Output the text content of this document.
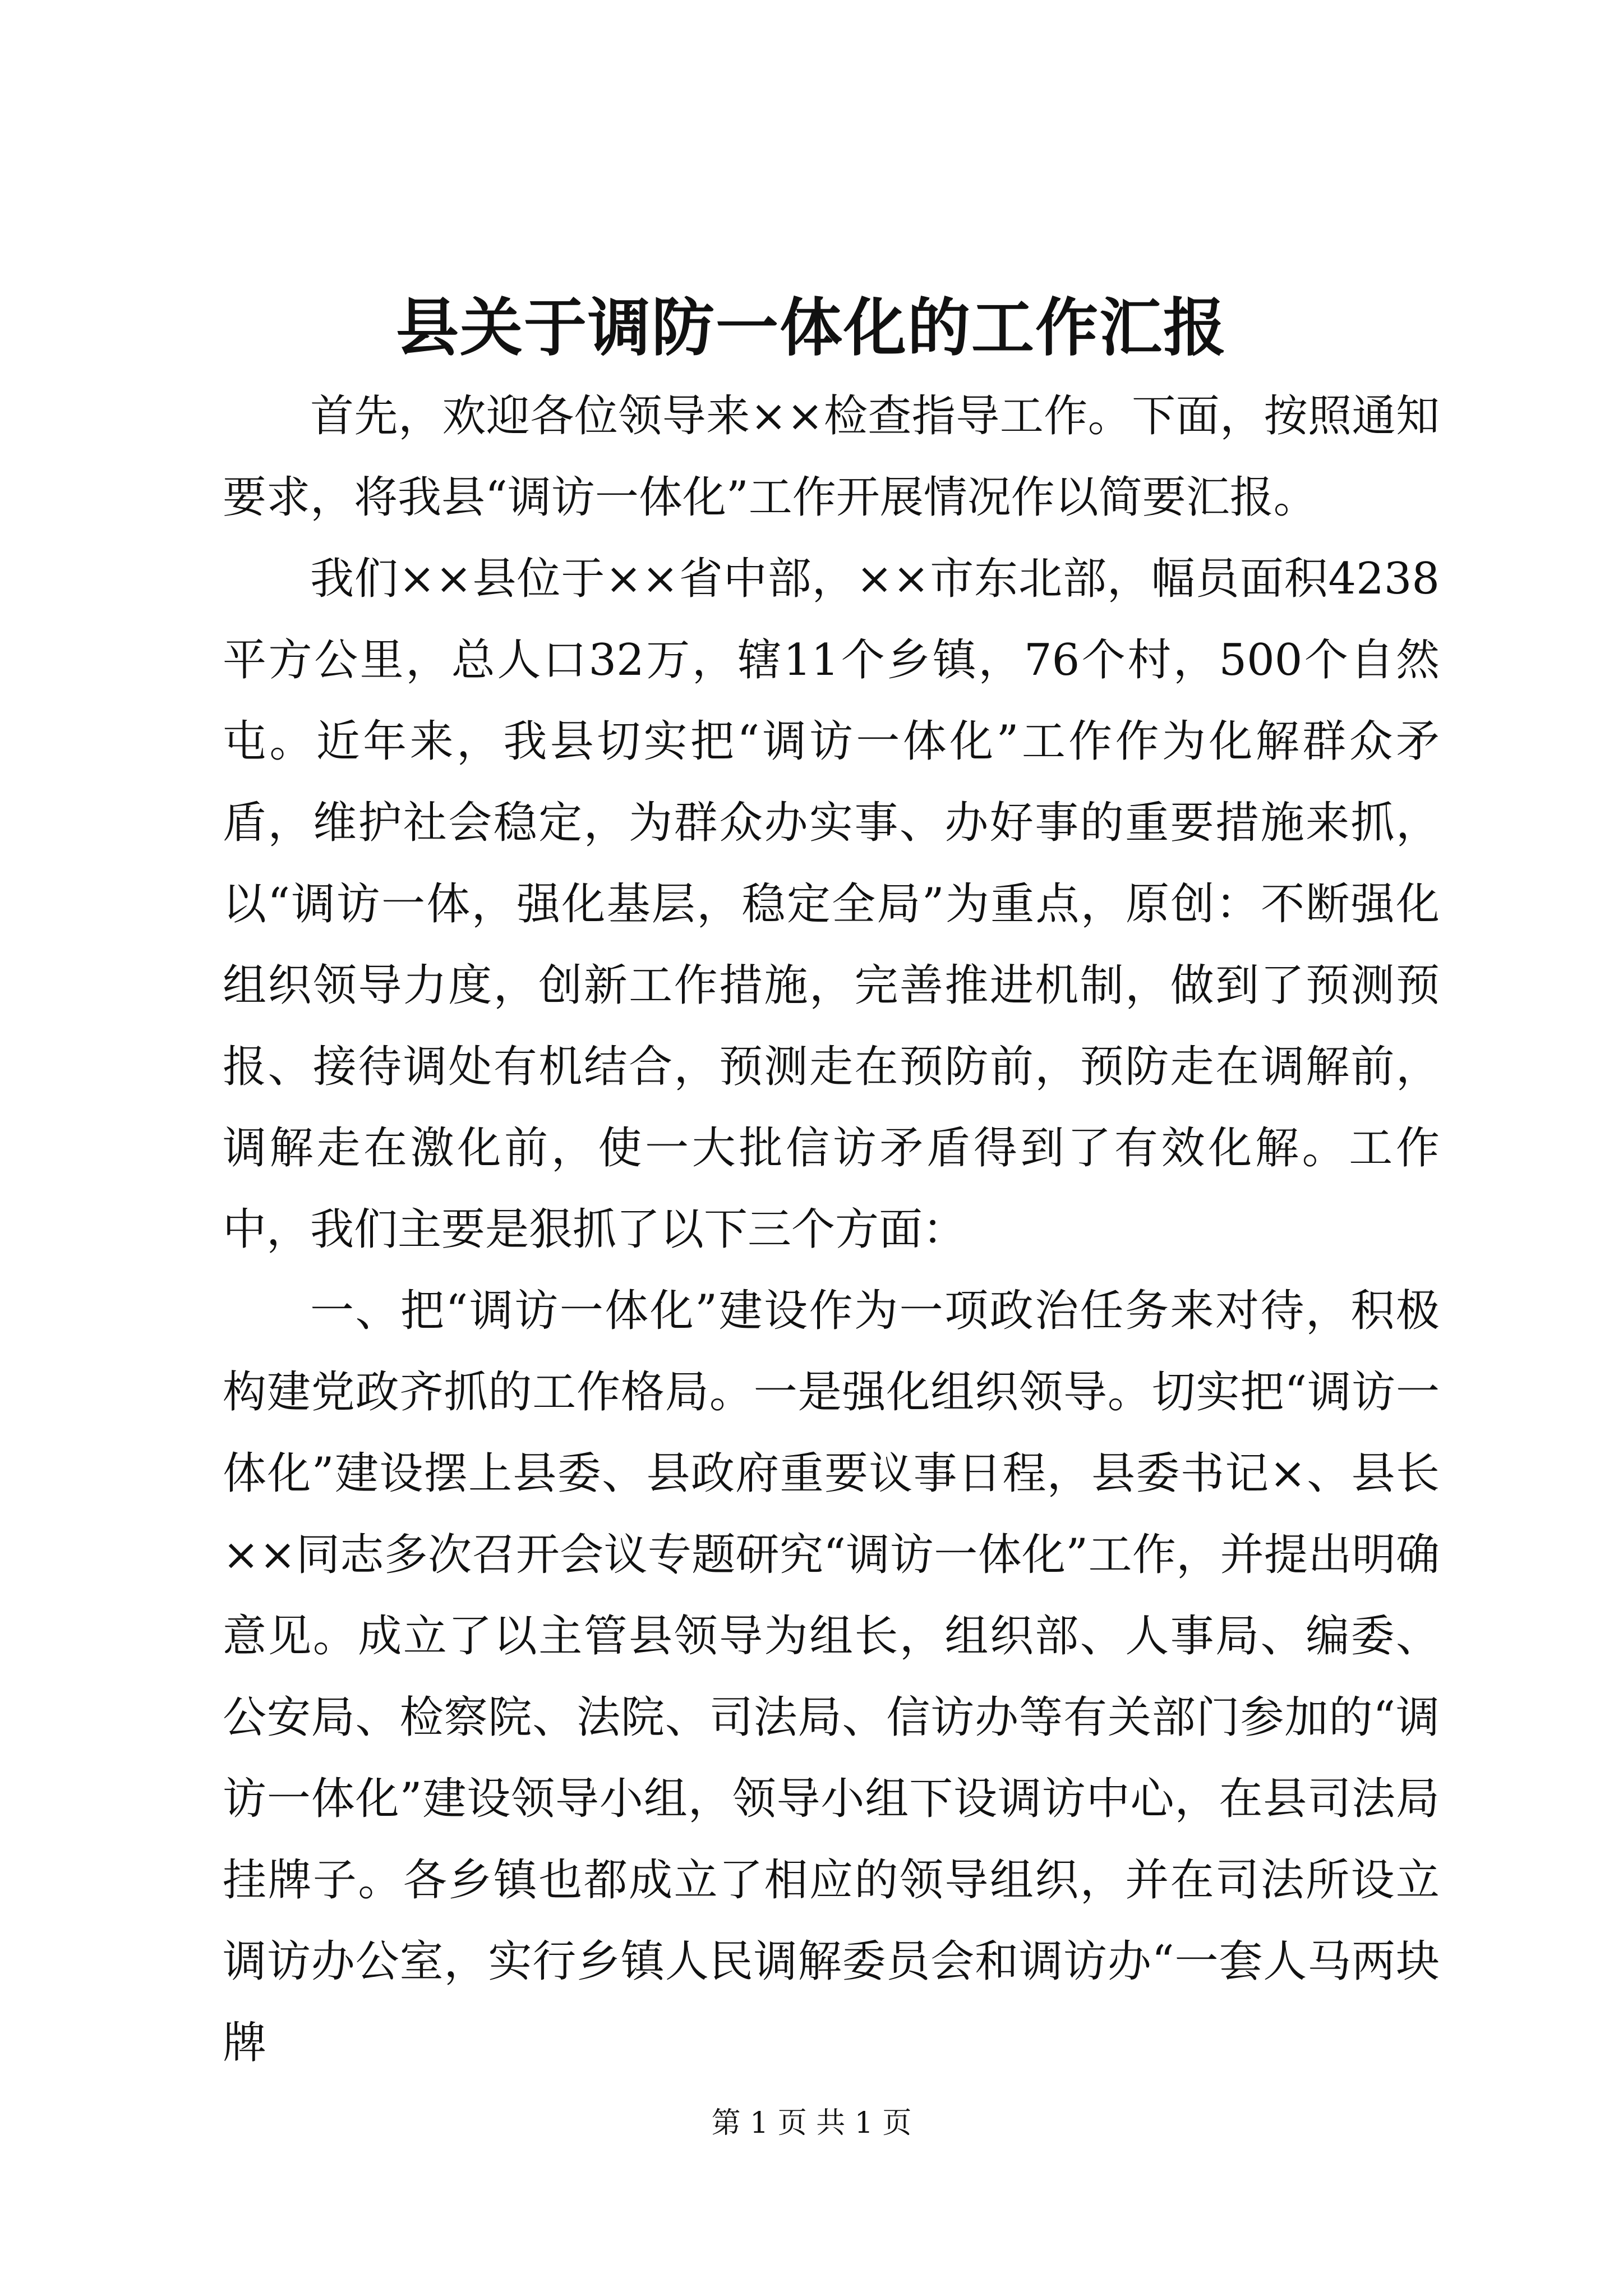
县关于调防一体化的工作汇报

首先，欢迎各位领导来××检查指导工作。下面，按照通知要求，将我县“调访一体化”工作开展情况作以简要汇报。

我们××县位于××省中部，××市东北部，幅员面积4238平方公里，总人口32万，辖11个乡镇，76个村，500个自然屯。近年来，我县切实把“调访一体化”工作作为化解群众矛盾，维护社会稳定，为群众办实事、办好事的重要措施来抓，以“调访一体，强化基层，稳定全局”为重点，原创：不断强化组织领导力度，创新工作措施，完善推进机制，做到了预测预报、接待调处有机结合，预测走在预防前，预防走在调解前，调解走在激化前，使一大批信访矛盾得到了有效化解。工作中，我们主要是狠抓了以下三个方面：

一、把“调访一体化”建设作为一项政治任务来对待，积极构建党政齐抓的工作格局。一是强化组织领导。切实把“调访一体化”建设摆上县委、县政府重要议事日程，县委书记×、县长××同志多次召开会议专题研究“调访一体化”工作，并提出明确意见。成立了以主管县领导为组长，组织部、人事局、编委、公安局、检察院、法院、司法局、信访办等有关部门参加的“调访一体化”建设领导小组，领导小组下设调访中心，在县司法局挂牌子。各乡镇也都成立了相应的领导组织，并在司法所设立调访办公室，实行乡镇人民调解委员会和调访办“一套人马两块牌

第 1 页 共 1 页
